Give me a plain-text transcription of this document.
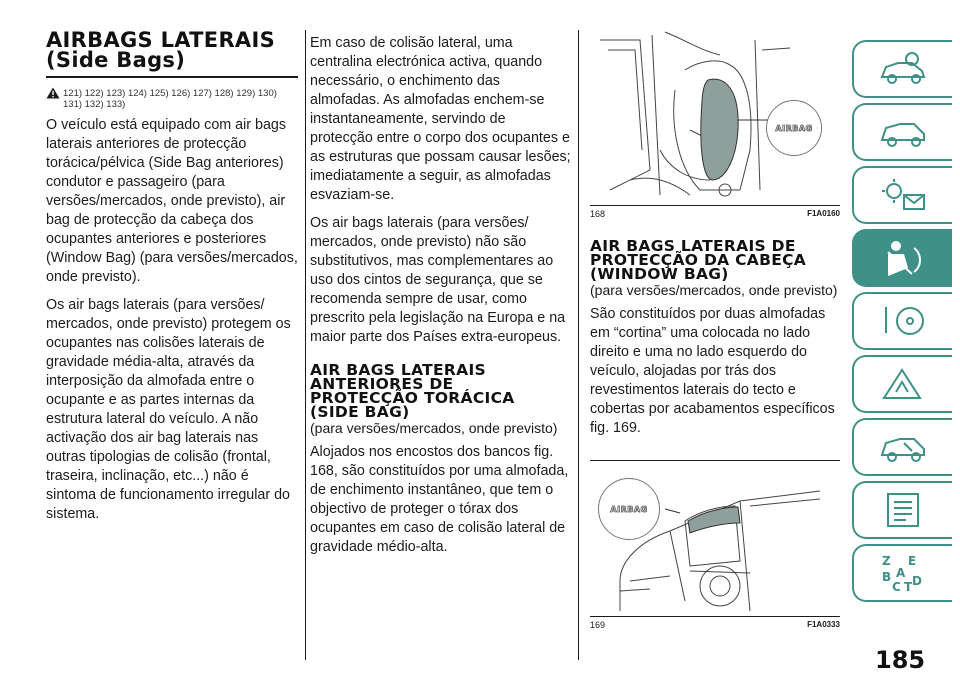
AIRBAGS LATERAIS
(Side Bags)
121) 122) 123) 124) 125) 126) 127) 128) 129) 130) 131) 132) 133)

O veículo está equipado com air bags laterais anteriores de protecção torácica/pélvica (Side Bag anteriores) condutor e passageiro (para versões/mercados, onde previsto), air bag de protecção da cabeça dos ocupantes anteriores e posteriores (Window Bag) (para versões/mercados, onde previsto).

Os air bags laterais (para versões/ mercados, onde previsto) protegem os ocupantes nas colisões laterais de gravidade média-alta, através da interposição da almofada entre o ocupante e as partes internas da estrutura lateral do veículo. A não activação dos air bag laterais nas outras tipologias de colisão (frontal, traseira, inclinação, etc...) não é sintoma de funcionamento irregular do sistema.

Em caso de colisão lateral, uma centralina electrónica activa, quando necessário, o enchimento das almofadas. As almofadas enchem-se instantaneamente, servindo de protecção entre o corpo dos ocupantes e as estruturas que possam causar lesões; imediatamente a seguir, as almofadas esvaziam-se.

Os air bags laterais (para versões/ mercados, onde previsto) não são substitutivos, mas complementares ao uso dos cintos de segurança, que se recomenda sempre de usar, como prescrito pela legislação na Europa e na maior parte dos Países extra-europeus.

AIR BAGS LATERAIS
ANTERIORES DE
PROTECÇÃO TORÁCICA
(SIDE BAG)

(para versões/mercados, onde previsto)

Alojados nos encostos dos bancos fig. 168, são constituídos por uma almofada, de enchimento instantâneo, que tem o objectivo de proteger o tórax dos ocupantes em caso de colisão lateral de gravidade médio-alta.

AIRBAG
168	F1A0160
AIR BAGS LATERAIS DE
PROTECÇÃO DA CABEÇA
(WINDOW BAG)

(para versões/mercados, onde previsto)

São constituídos por duas almofadas em “cortina” uma colocada no lado direito e uma no lado esquerdo do veículo, alojadas por trás dos revestimentos laterais do tecto e cobertas por acabamentos específicos fig. 169.

AIRBAG
169	F1A0333
Z E
B A
D
C T
185
